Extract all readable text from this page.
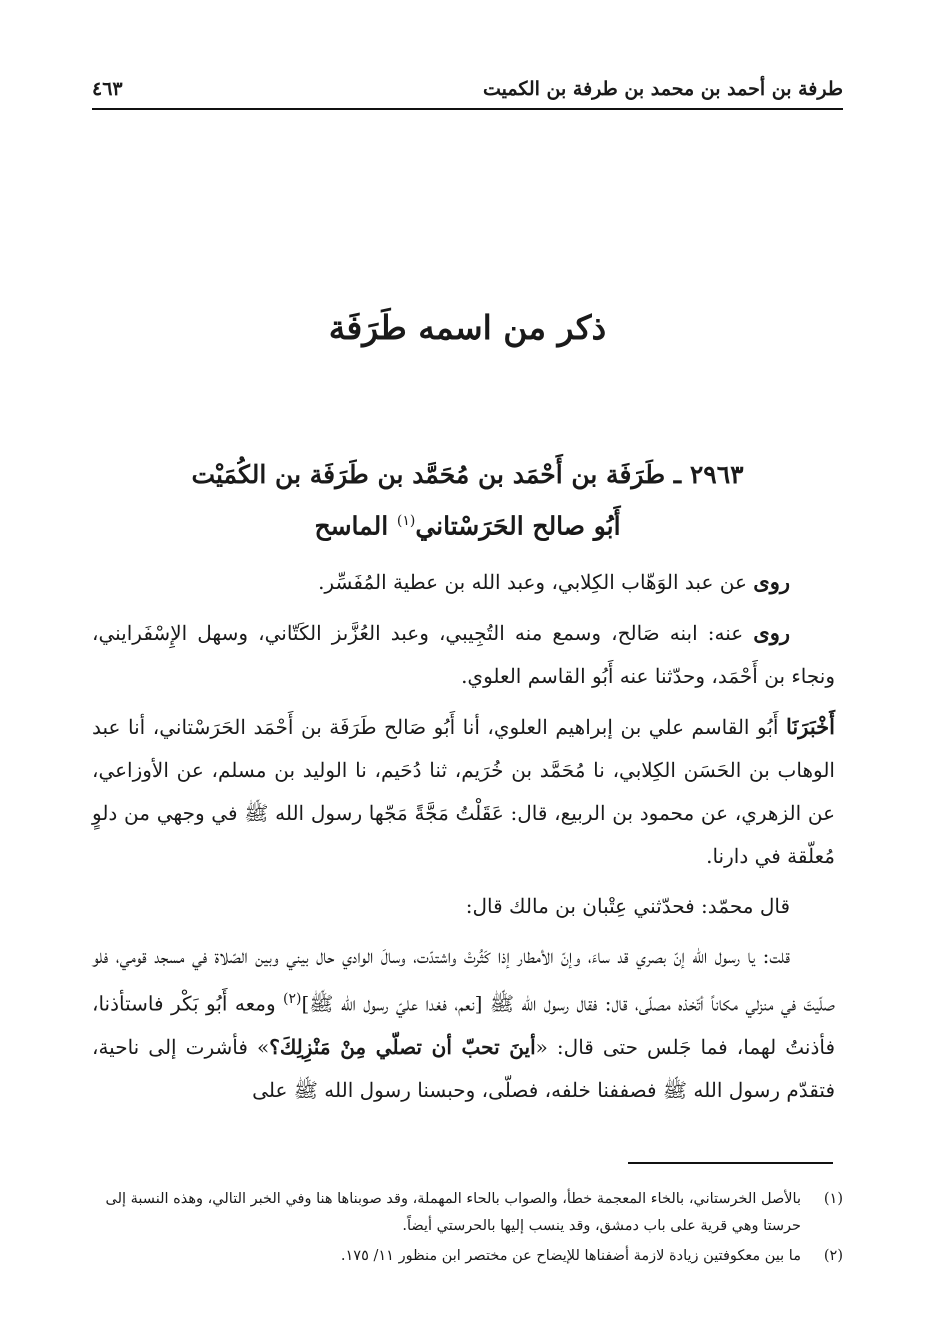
طرفة بن أحمد بن محمد بن طرفة بن الكميت
٤٦٣
ذكر من اسمه طَرَفَة
٢٩٦٣ ـ طَرَفَة بن أَحْمَد بن مُحَمَّد بن طَرَفَة بن الكُمَيْت
أَبُو صالح الحَرَسْتاني$^{(١)}$ الماسح

روى عن عبد الوَهّاب الكِلابي، وعبد الله بن عطية المُفَسِّر.

روى عنه: ابنه صَالح، وسمع منه التُجِيبي، وعبد العُزَّىز الكَتّاني، وسهل الإِسْفَرايني، ونجاء بن أَحْمَد، وحدّثنا عنه أَبُو القاسم العلوي.

أَخْبَرَنَا أَبُو القاسم علي بن إبراهيم العلوي، أنا أَبُو صَالح طَرَفَة بن أَحْمَد الحَرَسْتاني، أنا عبد الوهاب بن الحَسَن الكِلابي، نا مُحَمَّد بن خُرَيم، ثنا دُحَيم، نا الوليد بن مسلم، عن الأوزاعي، عن الزهري، عن محمود بن الربيع، قال: عَقَلْتُ مَجَّةً مَجّها رسول الله ﷺ في وجهي من دلوٍ مُعلّقة في دارنا.

قال محمّد: فحدّثني عِتْبان بن مالك قال:

قلت: يا رسول الله إنّ بصري قد ساءَ، وإنّ الأمطار إذا كَثُرتْ واشتدّت، وسالَ الوادي حال بيني وبين الصّلاة في مسجد قومي، فلو صلّيتَ في منزلي مكاناً أتّخذه مصلّى، قال: فقال رسول الله ﷺ [نعم، فغدا عليّ رسول الله ﷺ]$^{(٢)}$ ومعه أَبُو بَكْر فاستأذنا، فأذنتُ لهما، فما جَلس حتى قال: «أينَ تحبّ أن تصلّي مِنْ مَنْزِلِكَ؟» فأشرت إلى ناحية، فتقدّم رسول الله ﷺ فصففنا خلفه، فصلّى، وحبسنا رسول الله ﷺ على

(١)
بالأصل الخرستاني، بالخاء المعجمة خطأ، والصواب بالحاء المهملة، وقد صوبناها هنا وفي الخبر التالي، وهذه النسبة إلى حرستا وهي قرية على باب دمشق، وقد ينسب إليها بالحرستي أيضاً.
(٢)
ما بين معكوفتين زيادة لازمة أضفناها للإيضاح عن مختصر ابن منظور ١١/ ١٧٥.
